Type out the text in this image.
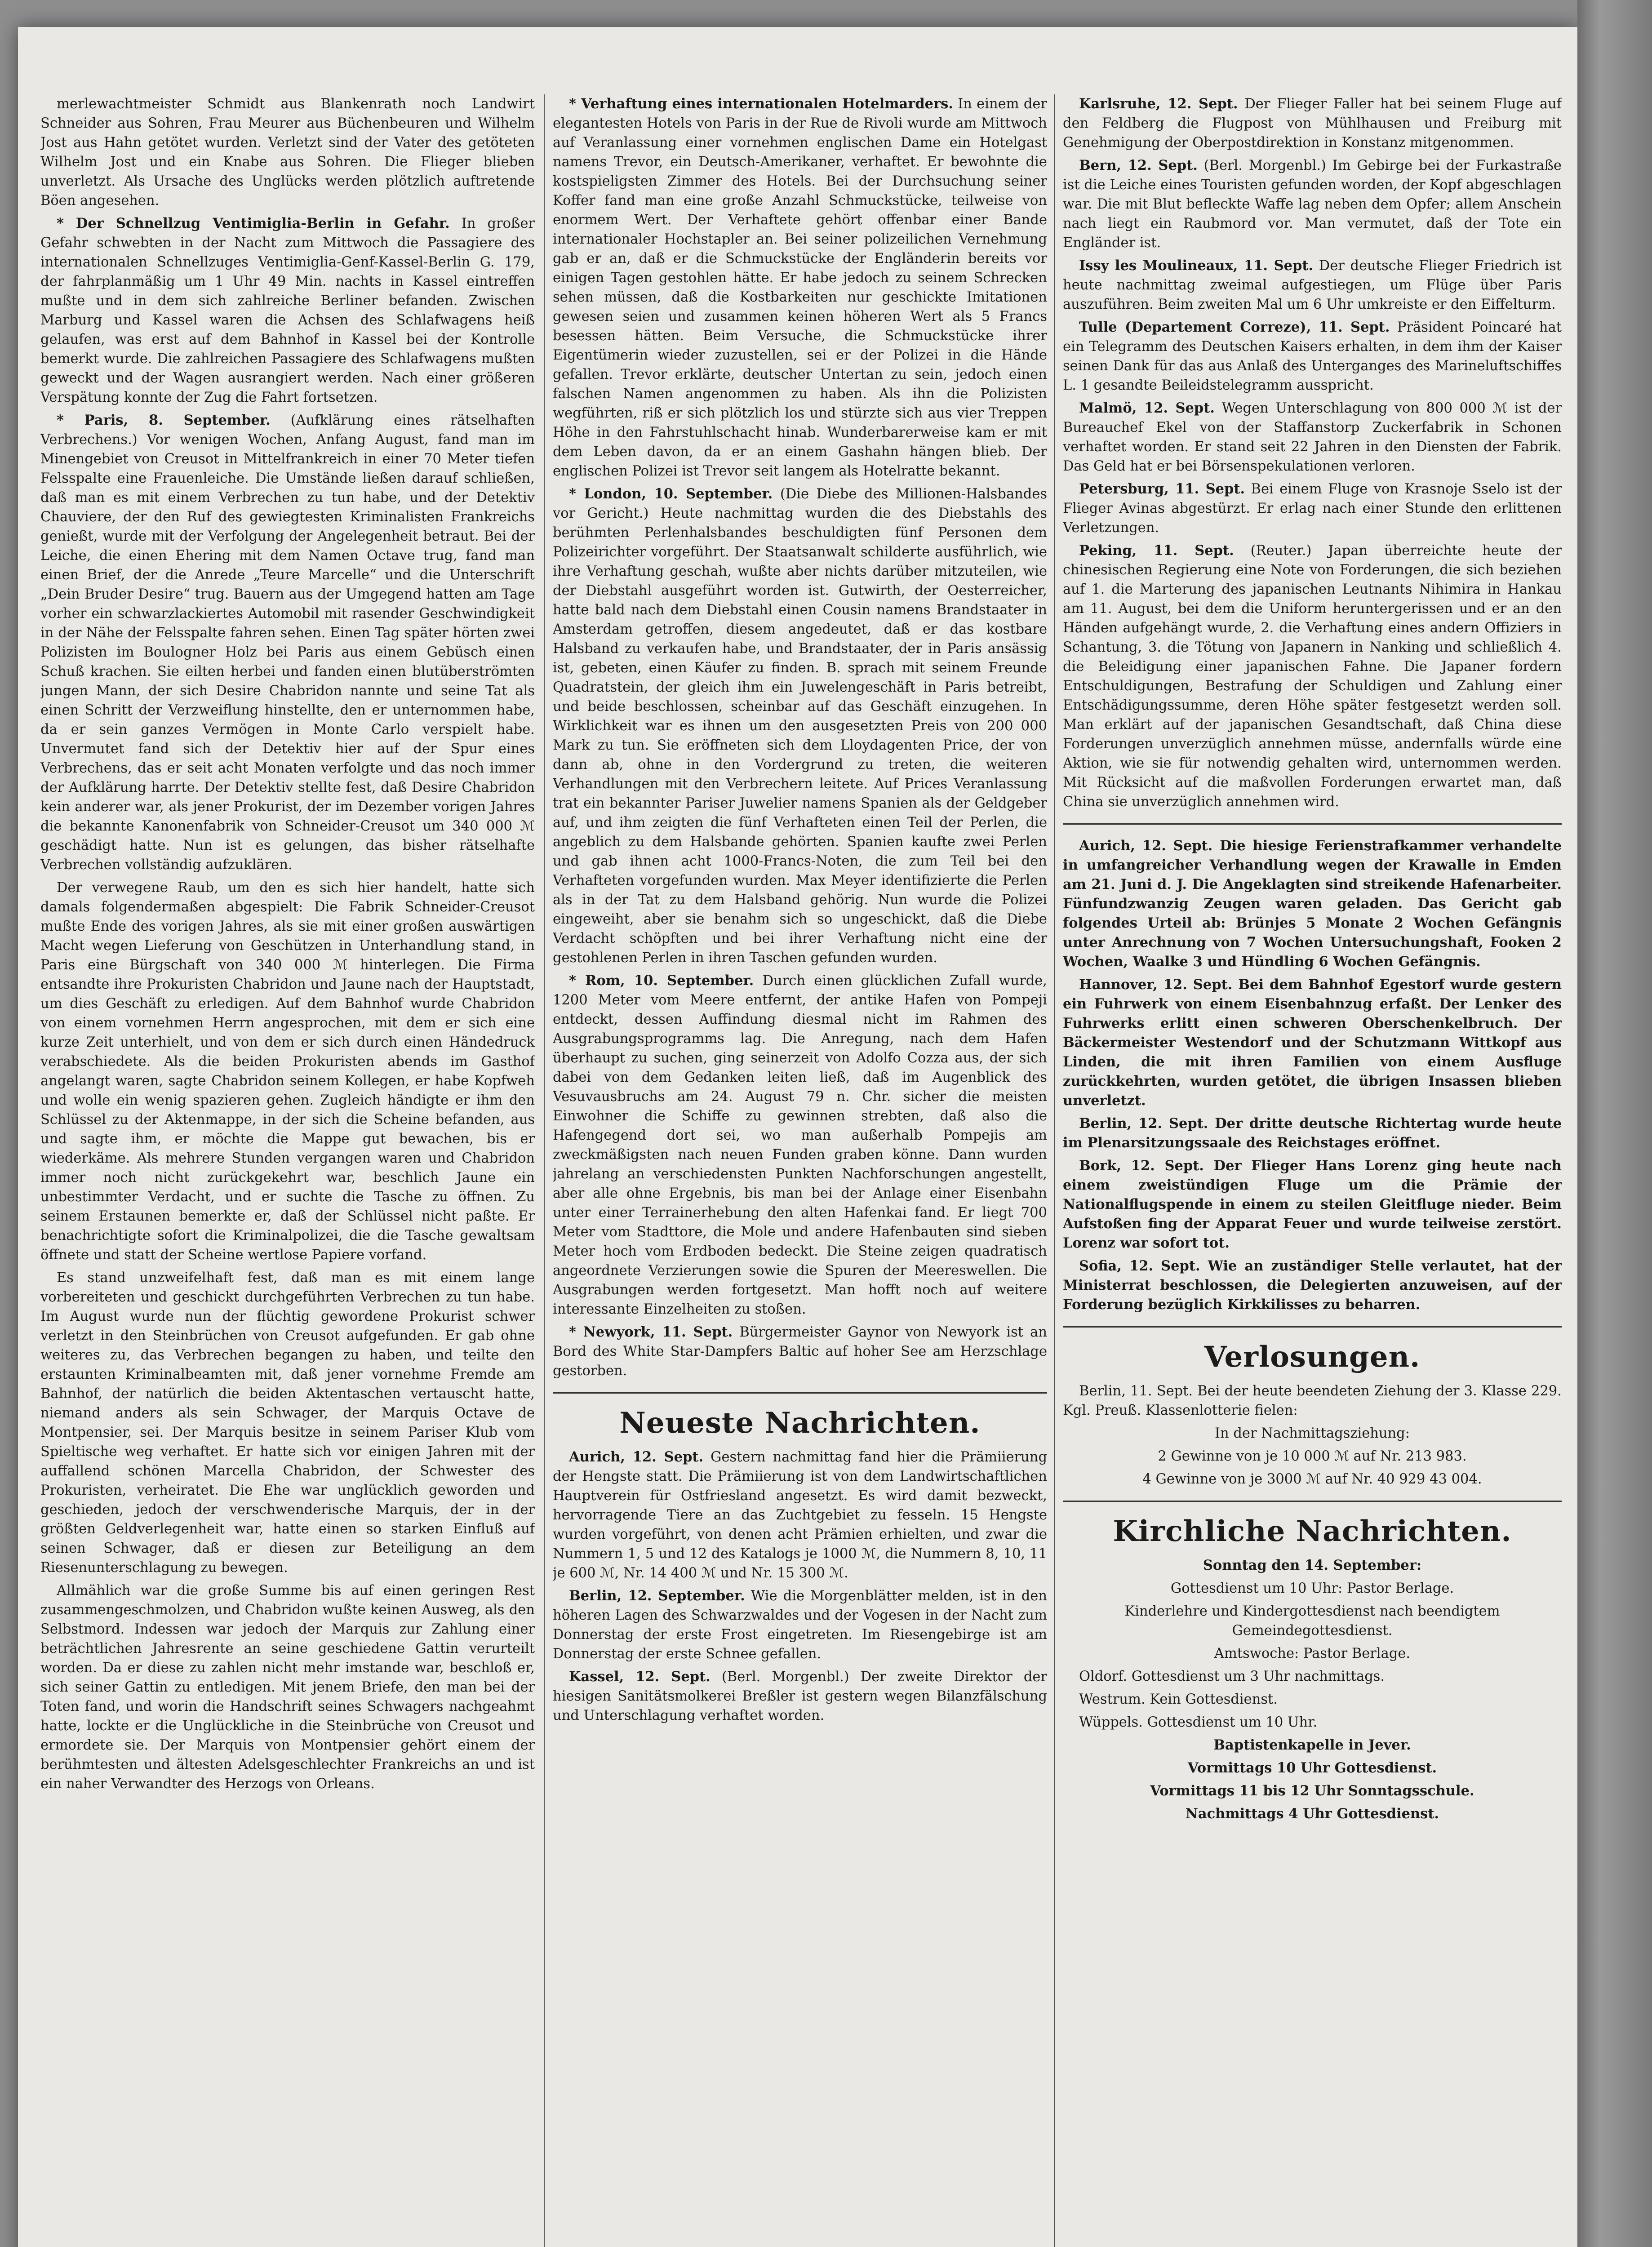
merlewachtmeister Schmidt aus Blankenrath noch Landwirt Schneider aus Sohren, Frau Meurer aus Büchenbeuren und Wilhelm Jost aus Hahn getötet wurden. Verletzt sind der Vater des getöteten Wilhelm Jost und ein Knabe aus Sohren. Die Flieger blieben unverletzt. Als Ursache des Unglücks werden plötzlich auftretende Böen angesehen.

* Der Schnellzug Ventimiglia-Berlin in Gefahr. In großer Gefahr schwebten in der Nacht zum Mittwoch die Passagiere des internationalen Schnellzuges Ventimiglia-Genf-Kassel-Berlin G. 179, der fahrplanmäßig um 1 Uhr 49 Min. nachts in Kassel eintreffen mußte und in dem sich zahlreiche Berliner befanden. Zwischen Marburg und Kassel waren die Achsen des Schlafwagens heiß gelaufen, was erst auf dem Bahnhof in Kassel bei der Kontrolle bemerkt wurde. Die zahlreichen Passagiere des Schlafwagens mußten geweckt und der Wagen ausrangiert werden. Nach einer größeren Verspätung konnte der Zug die Fahrt fortsetzen.

* Paris, 8. September. (Aufklärung eines rätselhaften Verbrechens.) Vor wenigen Wochen, Anfang August, fand man im Minengebiet von Creusot in Mittelfrankreich in einer 70 Meter tiefen Felsspalte eine Frauenleiche. Die Umstände ließen darauf schließen, daß man es mit einem Verbrechen zu tun habe, und der Detektiv Chauviere, der den Ruf des gewiegtesten Kriminalisten Frankreichs genießt, wurde mit der Verfolgung der Angelegenheit betraut. Bei der Leiche, die einen Ehering mit dem Namen Octave trug, fand man einen Brief, der die Anrede „Teure Marcelle“ und die Unterschrift „Dein Bruder Desire“ trug. Bauern aus der Umgegend hatten am Tage vorher ein schwarzlackiertes Automobil mit rasender Geschwindigkeit in der Nähe der Felsspalte fahren sehen. Einen Tag später hörten zwei Polizisten im Boulogner Holz bei Paris aus einem Gebüsch einen Schuß krachen. Sie eilten herbei und fanden einen blutüberströmten jungen Mann, der sich Desire Chabridon nannte und seine Tat als einen Schritt der Verzweiflung hinstellte, den er unternommen habe, da er sein ganzes Vermögen in Monte Carlo verspielt habe. Unvermutet fand sich der Detektiv hier auf der Spur eines Verbrechens, das er seit acht Monaten verfolgte und das noch immer der Aufklärung harrte. Der Detektiv stellte fest, daß Desire Chabridon kein anderer war, als jener Prokurist, der im Dezember vorigen Jahres die bekannte Kanonenfabrik von Schneider-Creusot um 340 000 ℳ geschädigt hatte. Nun ist es gelungen, das bisher rätselhafte Verbrechen vollständig aufzuklären.

Der verwegene Raub, um den es sich hier handelt, hatte sich damals folgendermaßen abgespielt: Die Fabrik Schneider-Creusot mußte Ende des vorigen Jahres, als sie mit einer großen auswärtigen Macht wegen Lieferung von Geschützen in Unterhandlung stand, in Paris eine Bürgschaft von 340 000 ℳ hinterlegen. Die Firma entsandte ihre Prokuristen Chabridon und Jaune nach der Hauptstadt, um dies Geschäft zu erledigen. Auf dem Bahnhof wurde Chabridon von einem vornehmen Herrn angesprochen, mit dem er sich eine kurze Zeit unterhielt, und von dem er sich durch einen Händedruck verabschiedete. Als die beiden Prokuristen abends im Gasthof angelangt waren, sagte Chabridon seinem Kollegen, er habe Kopfweh und wolle ein wenig spazieren gehen. Zugleich händigte er ihm den Schlüssel zu der Aktenmappe, in der sich die Scheine befanden, aus und sagte ihm, er möchte die Mappe gut bewachen, bis er wiederkäme. Als mehrere Stunden vergangen waren und Chabridon immer noch nicht zurückgekehrt war, beschlich Jaune ein unbestimmter Verdacht, und er suchte die Tasche zu öffnen. Zu seinem Erstaunen bemerkte er, daß der Schlüssel nicht paßte. Er benachrichtigte sofort die Kriminalpolizei, die die Tasche gewaltsam öffnete und statt der Scheine wertlose Papiere vorfand.

Es stand unzweifelhaft fest, daß man es mit einem lange vorbereiteten und geschickt durchgeführten Verbrechen zu tun habe. Im August wurde nun der flüchtig gewordene Prokurist schwer verletzt in den Steinbrüchen von Creusot aufgefunden. Er gab ohne weiteres zu, das Verbrechen begangen zu haben, und teilte den erstaunten Kriminalbeamten mit, daß jener vornehme Fremde am Bahnhof, der natürlich die beiden Aktentaschen vertauscht hatte, niemand anders als sein Schwager, der Marquis Octave de Montpensier, sei. Der Marquis besitze in seinem Pariser Klub vom Spieltische weg verhaftet. Er hatte sich vor einigen Jahren mit der auffallend schönen Marcella Chabridon, der Schwester des Prokuristen, verheiratet. Die Ehe war unglücklich geworden und geschieden, jedoch der verschwenderische Marquis, der in der größten Geldverlegenheit war, hatte einen so starken Einfluß auf seinen Schwager, daß er diesen zur Beteiligung an dem Riesenunterschlagung zu bewegen.

Allmählich war die große Summe bis auf einen geringen Rest zusammengeschmolzen, und Chabridon wußte keinen Ausweg, als den Selbstmord. Indessen war jedoch der Marquis zur Zahlung einer beträchtlichen Jahresrente an seine geschiedene Gattin verurteilt worden. Da er diese zu zahlen nicht mehr imstande war, beschloß er, sich seiner Gattin zu entledigen. Mit jenem Briefe, den man bei der Toten fand, und worin die Handschrift seines Schwagers nachgeahmt hatte, lockte er die Unglückliche in die Steinbrüche von Creusot und ermordete sie. Der Marquis von Montpensier gehört einem der berühmtesten und ältesten Adelsgeschlechter Frankreichs an und ist ein naher Verwandter des Herzogs von Orleans.

* Verhaftung eines internationalen Hotelmarders. In einem der elegantesten Hotels von Paris in der Rue de Rivoli wurde am Mittwoch auf Veranlassung einer vornehmen englischen Dame ein Hotelgast namens Trevor, ein Deutsch-Amerikaner, verhaftet. Er bewohnte die kostspieligsten Zimmer des Hotels. Bei der Durchsuchung seiner Koffer fand man eine große Anzahl Schmuckstücke, teilweise von enormem Wert. Der Verhaftete gehört offenbar einer Bande internationaler Hochstapler an. Bei seiner polizeilichen Vernehmung gab er an, daß er die Schmuckstücke der Engländerin bereits vor einigen Tagen gestohlen hätte. Er habe jedoch zu seinem Schrecken sehen müssen, daß die Kostbarkeiten nur geschickte Imitationen gewesen seien und zusammen keinen höheren Wert als 5 Francs besessen hätten. Beim Versuche, die Schmuckstücke ihrer Eigentümerin wieder zuzustellen, sei er der Polizei in die Hände gefallen. Trevor erklärte, deutscher Untertan zu sein, jedoch einen falschen Namen angenommen zu haben. Als ihn die Polizisten wegführten, riß er sich plötzlich los und stürzte sich aus vier Treppen Höhe in den Fahrstuhlschacht hinab. Wunderbarerweise kam er mit dem Leben davon, da er an einem Gashahn hängen blieb. Der englischen Polizei ist Trevor seit langem als Hotelratte bekannt.

* London, 10. September. (Die Diebe des Millionen-Halsbandes vor Gericht.) Heute nachmittag wurden die des Diebstahls des berühmten Perlenhalsbandes beschuldigten fünf Personen dem Polizeirichter vorgeführt. Der Staatsanwalt schilderte ausführlich, wie ihre Verhaftung geschah, wußte aber nichts darüber mitzuteilen, wie der Diebstahl ausgeführt worden ist. Gutwirth, der Oesterreicher, hatte bald nach dem Diebstahl einen Cousin namens Brandstaater in Amsterdam getroffen, diesem angedeutet, daß er das kostbare Halsband zu verkaufen habe, und Brandstaater, der in Paris ansässig ist, gebeten, einen Käufer zu finden. B. sprach mit seinem Freunde Quadratstein, der gleich ihm ein Juwelengeschäft in Paris betreibt, und beide beschlossen, scheinbar auf das Geschäft einzugehen. In Wirklichkeit war es ihnen um den ausgesetzten Preis von 200 000 Mark zu tun. Sie eröffneten sich dem Lloydagenten Price, der von dann ab, ohne in den Vordergrund zu treten, die weiteren Verhandlungen mit den Verbrechern leitete. Auf Prices Veranlassung trat ein bekannter Pariser Juwelier namens Spanien als der Geldgeber auf, und ihm zeigten die fünf Verhafteten einen Teil der Perlen, die angeblich zu dem Halsbande gehörten. Spanien kaufte zwei Perlen und gab ihnen acht 1000-Francs-Noten, die zum Teil bei den Verhafteten vorgefunden wurden. Max Meyer identifizierte die Perlen als in der Tat zu dem Halsband gehörig. Nun wurde die Polizei eingeweiht, aber sie benahm sich so ungeschickt, daß die Diebe Verdacht schöpften und bei ihrer Verhaftung nicht eine der gestohlenen Perlen in ihren Taschen gefunden wurden.

* Rom, 10. September. Durch einen glücklichen Zufall wurde, 1200 Meter vom Meere entfernt, der antike Hafen von Pompeji entdeckt, dessen Auffindung diesmal nicht im Rahmen des Ausgrabungsprogramms lag. Die Anregung, nach dem Hafen überhaupt zu suchen, ging seinerzeit von Adolfo Cozza aus, der sich dabei von dem Gedanken leiten ließ, daß im Augenblick des Vesuvausbruchs am 24. August 79 n. Chr. sicher die meisten Einwohner die Schiffe zu gewinnen strebten, daß also die Hafengegend dort sei, wo man außerhalb Pompejis am zweckmäßigsten nach neuen Funden graben könne. Dann wurden jahrelang an verschiedensten Punkten Nachforschungen angestellt, aber alle ohne Ergebnis, bis man bei der Anlage einer Eisenbahn unter einer Terrainerhebung den alten Hafenkai fand. Er liegt 700 Meter vom Stadttore, die Mole und andere Hafenbauten sind sieben Meter hoch vom Erdboden bedeckt. Die Steine zeigen quadratisch angeordnete Verzierungen sowie die Spuren der Meereswellen. Die Ausgrabungen werden fortgesetzt. Man hofft noch auf weitere interessante Einzelheiten zu stoßen.

* Newyork, 11. Sept. Bürgermeister Gaynor von Newyork ist an Bord des White Star-Dampfers Baltic auf hoher See am Herzschlage gestorben.

Neueste Nachrichten.

Aurich, 12. Sept. Gestern nachmittag fand hier die Prämiierung der Hengste statt. Die Prämiierung ist von dem Landwirtschaftlichen Hauptverein für Ostfriesland angesetzt. Es wird damit bezweckt, hervorragende Tiere an das Zuchtgebiet zu fesseln. 15 Hengste wurden vorgeführt, von denen acht Prämien erhielten, und zwar die Nummern 1, 5 und 12 des Katalogs je 1000 ℳ, die Nummern 8, 10, 11 je 600 ℳ, Nr. 14 400 ℳ und Nr. 15 300 ℳ.

Berlin, 12. September. Wie die Morgenblätter melden, ist in den höheren Lagen des Schwarzwaldes und der Vogesen in der Nacht zum Donnerstag der erste Frost eingetreten. Im Riesengebirge ist am Donnerstag der erste Schnee gefallen.

Kassel, 12. Sept. (Berl. Morgenbl.) Der zweite Direktor der hiesigen Sanitätsmolkerei Breßler ist gestern wegen Bilanzfälschung und Unterschlagung verhaftet worden.

Karlsruhe, 12. Sept. Der Flieger Faller hat bei seinem Fluge auf den Feldberg die Flugpost von Mühlhausen und Freiburg mit Genehmigung der Oberpostdirektion in Konstanz mitgenommen.

Bern, 12. Sept. (Berl. Morgenbl.) Im Gebirge bei der Furkastraße ist die Leiche eines Touristen gefunden worden, der Kopf abgeschlagen war. Die mit Blut befleckte Waffe lag neben dem Opfer; allem Anschein nach liegt ein Raubmord vor. Man vermutet, daß der Tote ein Engländer ist.

Issy les Moulineaux, 11. Sept. Der deutsche Flieger Friedrich ist heute nachmittag zweimal aufgestiegen, um Flüge über Paris auszuführen. Beim zweiten Mal um 6 Uhr umkreiste er den Eiffelturm.

Tulle (Departement Correze), 11. Sept. Präsident Poincaré hat ein Telegramm des Deutschen Kaisers erhalten, in dem ihm der Kaiser seinen Dank für das aus Anlaß des Unterganges des Marineluftschiffes L. 1 gesandte Beileidstelegramm ausspricht.

Malmö, 12. Sept. Wegen Unterschlagung von 800 000 ℳ ist der Bureauchef Ekel von der Staffanstorp Zuckerfabrik in Schonen verhaftet worden. Er stand seit 22 Jahren in den Diensten der Fabrik. Das Geld hat er bei Börsenspekulationen verloren.

Petersburg, 11. Sept. Bei einem Fluge von Krasnoje Sselo ist der Flieger Avinas abgestürzt. Er erlag nach einer Stunde den erlittenen Verletzungen.

Peking, 11. Sept. (Reuter.) Japan überreichte heute der chinesischen Regierung eine Note von Forderungen, die sich beziehen auf 1. die Marterung des japanischen Leutnants Nihimira in Hankau am 11. August, bei dem die Uniform heruntergerissen und er an den Händen aufgehängt wurde, 2. die Verhaftung eines andern Offiziers in Schantung, 3. die Tötung von Japanern in Nanking und schließlich 4. die Beleidigung einer japanischen Fahne. Die Japaner fordern Entschuldigungen, Bestrafung der Schuldigen und Zahlung einer Entschädigungssumme, deren Höhe später festgesetzt werden soll. Man erklärt auf der japanischen Gesandtschaft, daß China diese Forderungen unverzüglich annehmen müsse, andernfalls würde eine Aktion, wie sie für notwendig gehalten wird, unternommen werden. Mit Rücksicht auf die maßvollen Forderungen erwartet man, daß China sie unverzüglich annehmen wird.

Aurich, 12. Sept. Die hiesige Ferienstrafkammer verhandelte in umfangreicher Verhandlung wegen der Krawalle in Emden am 21. Juni d. J. Die Angeklagten sind streikende Hafenarbeiter. Fünfundzwanzig Zeugen waren geladen. Das Gericht gab folgendes Urteil ab: Brünjes 5 Monate 2 Wochen Gefängnis unter Anrechnung von 7 Wochen Untersuchungshaft, Fooken 2 Wochen, Waalke 3 und Hündling 6 Wochen Gefängnis.

Hannover, 12. Sept. Bei dem Bahnhof Egestorf wurde gestern ein Fuhrwerk von einem Eisenbahnzug erfaßt. Der Lenker des Fuhrwerks erlitt einen schweren Oberschenkelbruch. Der Bäckermeister Westendorf und der Schutzmann Wittkopf aus Linden, die mit ihren Familien von einem Ausfluge zurückkehrten, wurden getötet, die übrigen Insassen blieben unverletzt.

Berlin, 12. Sept. Der dritte deutsche Richtertag wurde heute im Plenarsitzungssaale des Reichstages eröffnet.

Bork, 12. Sept. Der Flieger Hans Lorenz ging heute nach einem zweistündigen Fluge um die Prämie der Nationalflugspende in einem zu steilen Gleitfluge nieder. Beim Aufstoßen fing der Apparat Feuer und wurde teilweise zerstört. Lorenz war sofort tot.

Sofia, 12. Sept. Wie an zuständiger Stelle verlautet, hat der Ministerrat beschlossen, die Delegierten anzuweisen, auf der Forderung bezüglich Kirkkilisses zu beharren.

Verlosungen.

Berlin, 11. Sept. Bei der heute beendeten Ziehung der 3. Klasse 229. Kgl. Preuß. Klassenlotterie fielen:

In der Nachmittagsziehung:

2 Gewinne von je 10 000 ℳ auf Nr. 213 983.

4 Gewinne von je 3000 ℳ auf Nr. 40 929 43 004.

Kirchliche Nachrichten.

Sonntag den 14. September:

Gottesdienst um 10 Uhr: Pastor Berlage.

Kinderlehre und Kindergottesdienst nach beendigtem Gemeindegottesdienst.

Amtswoche: Pastor Berlage.

Oldorf. Gottesdienst um 3 Uhr nachmittags.

Westrum. Kein Gottesdienst.

Wüppels. Gottesdienst um 10 Uhr.

Baptistenkapelle in Jever.

Vormittags 10 Uhr Gottesdienst.

Vormittags 11 bis 12 Uhr Sonntagsschule.

Nachmittags 4 Uhr Gottesdienst.
